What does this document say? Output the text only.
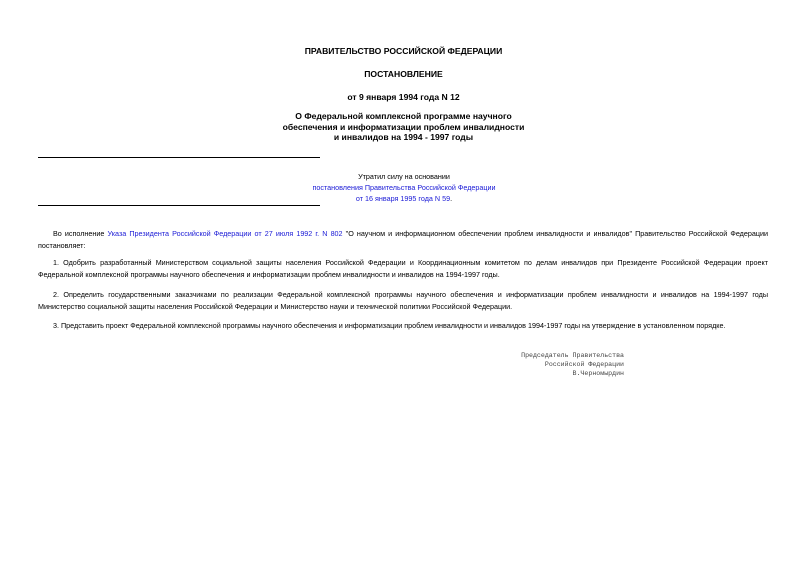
ПРАВИТЕЛЬСТВО РОССИЙСКОЙ ФЕДЕРАЦИИ
ПОСТАНОВЛЕНИЕ
от 9 января 1994 года N 12
О Федеральной комплексной программе научного
обеспечения и информатизации проблем инвалидности
и инвалидов на 1994 - 1997 годы
Утратил силу на основании
постановления Правительства Российской Федерации
от 16 января 1995 года N 59.
Во исполнение Указа Президента Российской Федерации от 27 июля 1992 г. N 802 "О научном и информационном обеспечении проблем инвалидности и инвалидов" Правительство Российской Федерации постановляет:
1. Одобрить разработанный Министерством социальной защиты населения Российской Федерации и Координационным комитетом по делам инвалидов при Президенте Российской Федерации проект Федеральной комплексной программы научного обеспечения и информатизации проблем инвалидности и инвалидов на 1994-1997 годы.
2. Определить государственными заказчиками по реализации Федеральной комплексной программы научного обеспечения и информатизации проблем инвалидности и инвалидов на 1994-1997 годы Министерство социальной защиты населения Российской Федерации и Министерство науки и технической политики Российской Федерации.
3. Представить проект Федеральной комплексной программы научного обеспечения и информатизации проблем инвалидности и инвалидов 1994-1997 годы на утверждение в установленном порядке.
Председатель Правительства
Российской Федерации
В.Черномырдин
